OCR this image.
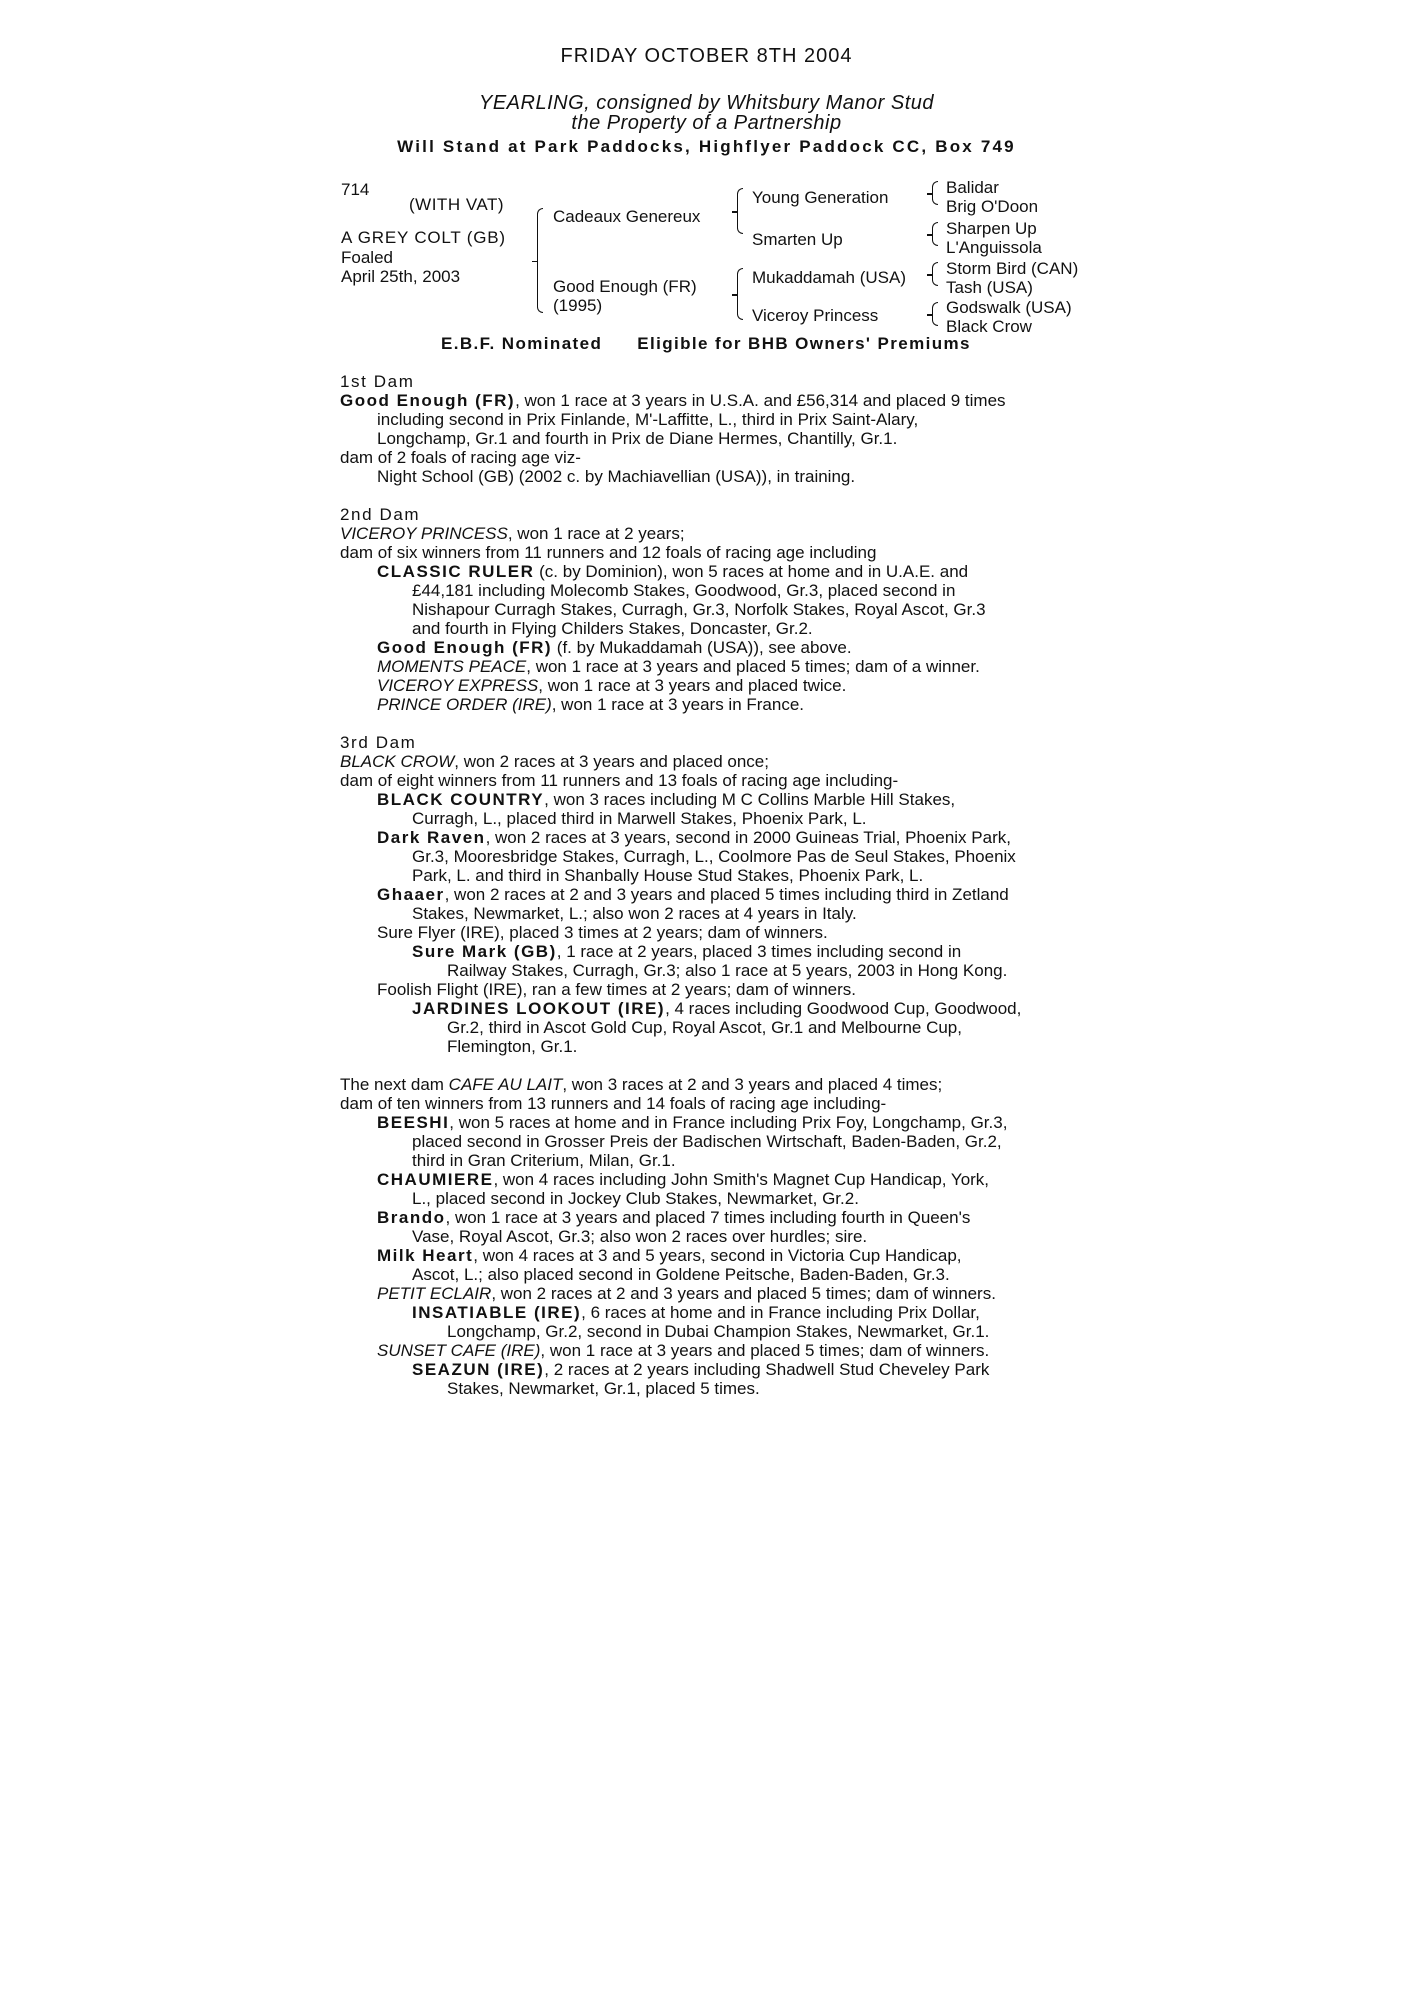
FRIDAY OCTOBER 8TH 2004
YEARLING, consigned by Whitsbury Manor Stud
the Property of a Partnership
Will Stand at Park Paddocks, Highflyer Paddock CC, Box 749
714
(WITH VAT)
A GREY COLT (GB)
Foaled
April 25th, 2003
Cadeaux Genereux
Good Enough (FR)
(1995)
Young Generation
Smarten Up
Mukaddamah (USA)
Viceroy Princess
Balidar
Brig O'Doon
Sharpen Up
L'Anguissola
Storm Bird (CAN)
Tash (USA)
Godswalk (USA)
Black Crow
E.B.F. Nominated Eligible for BHB Owners' Premiums
1st Dam
Good Enough (FR), won 1 race at 3 years in U.S.A. and £56,314 and placed 9 times
including second in Prix Finlande, M'-Laffitte, L., third in Prix Saint-Alary,
Longchamp, Gr.1 and fourth in Prix de Diane Hermes, Chantilly, Gr.1.
dam of 2 foals of racing age viz-
Night School (GB) (2002 c. by Machiavellian (USA)), in training.
2nd Dam
VICEROY PRINCESS, won 1 race at 2 years;
dam of six winners from 11 runners and 12 foals of racing age including
CLASSIC RULER (c. by Dominion), won 5 races at home and in U.A.E. and
£44,181 including Molecomb Stakes, Goodwood, Gr.3, placed second in
Nishapour Curragh Stakes, Curragh, Gr.3, Norfolk Stakes, Royal Ascot, Gr.3
and fourth in Flying Childers Stakes, Doncaster, Gr.2.
Good Enough (FR) (f. by Mukaddamah (USA)), see above.
MOMENTS PEACE, won 1 race at 3 years and placed 5 times; dam of a winner.
VICEROY EXPRESS, won 1 race at 3 years and placed twice.
PRINCE ORDER (IRE), won 1 race at 3 years in France.
3rd Dam
BLACK CROW, won 2 races at 3 years and placed once;
dam of eight winners from 11 runners and 13 foals of racing age including-
BLACK COUNTRY, won 3 races including M C Collins Marble Hill Stakes,
Curragh, L., placed third in Marwell Stakes, Phoenix Park, L.
Dark Raven, won 2 races at 3 years, second in 2000 Guineas Trial, Phoenix Park,
Gr.3, Mooresbridge Stakes, Curragh, L., Coolmore Pas de Seul Stakes, Phoenix
Park, L. and third in Shanbally House Stud Stakes, Phoenix Park, L.
Ghaaer, won 2 races at 2 and 3 years and placed 5 times including third in Zetland
Stakes, Newmarket, L.; also won 2 races at 4 years in Italy.
Sure Flyer (IRE), placed 3 times at 2 years; dam of winners.
Sure Mark (GB), 1 race at 2 years, placed 3 times including second in
Railway Stakes, Curragh, Gr.3; also 1 race at 5 years, 2003 in Hong Kong.
Foolish Flight (IRE), ran a few times at 2 years; dam of winners.
JARDINES LOOKOUT (IRE), 4 races including Goodwood Cup, Goodwood,
Gr.2, third in Ascot Gold Cup, Royal Ascot, Gr.1 and Melbourne Cup,
Flemington, Gr.1.
The next dam CAFE AU LAIT, won 3 races at 2 and 3 years and placed 4 times;
dam of ten winners from 13 runners and 14 foals of racing age including-
BEESHI, won 5 races at home and in France including Prix Foy, Longchamp, Gr.3,
placed second in Grosser Preis der Badischen Wirtschaft, Baden-Baden, Gr.2,
third in Gran Criterium, Milan, Gr.1.
CHAUMIERE, won 4 races including John Smith's Magnet Cup Handicap, York,
L., placed second in Jockey Club Stakes, Newmarket, Gr.2.
Brando, won 1 race at 3 years and placed 7 times including fourth in Queen's
Vase, Royal Ascot, Gr.3; also won 2 races over hurdles; sire.
Milk Heart, won 4 races at 3 and 5 years, second in Victoria Cup Handicap,
Ascot, L.; also placed second in Goldene Peitsche, Baden-Baden, Gr.3.
PETIT ECLAIR, won 2 races at 2 and 3 years and placed 5 times; dam of winners.
INSATIABLE (IRE), 6 races at home and in France including Prix Dollar,
Longchamp, Gr.2, second in Dubai Champion Stakes, Newmarket, Gr.1.
SUNSET CAFE (IRE), won 1 race at 3 years and placed 5 times; dam of winners.
SEAZUN (IRE), 2 races at 2 years including Shadwell Stud Cheveley Park
Stakes, Newmarket, Gr.1, placed 5 times.
